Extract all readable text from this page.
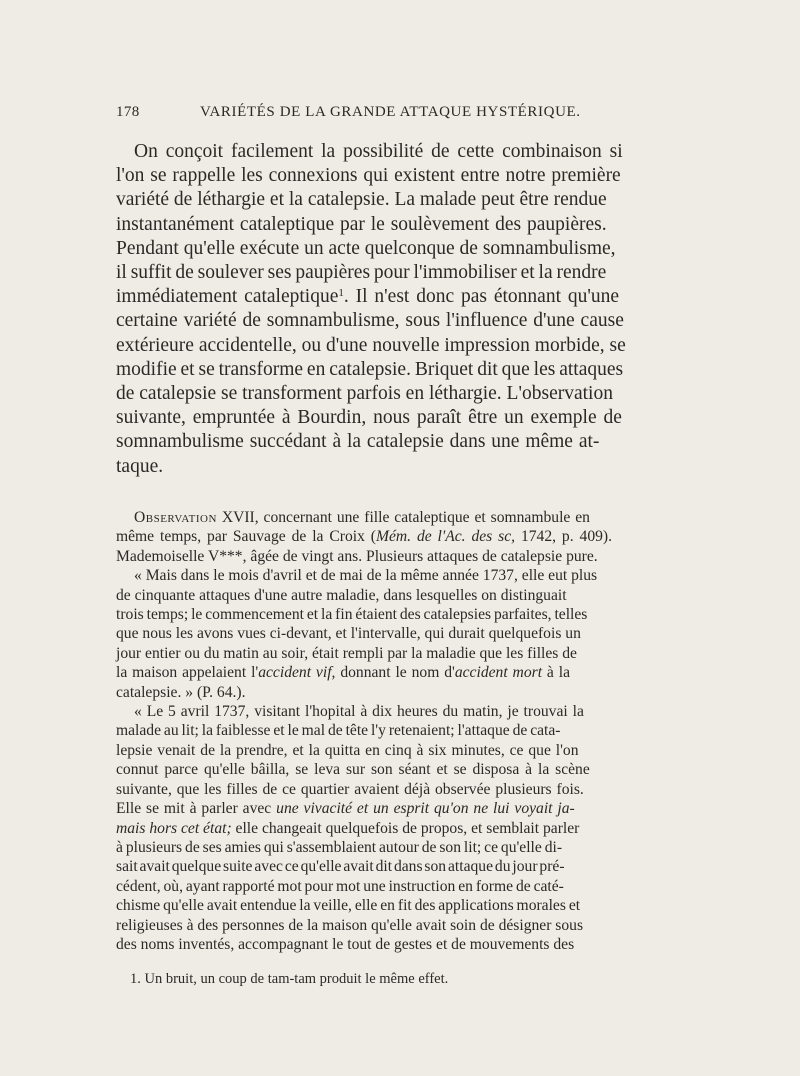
178	VARIÉTÉS DE LA GRANDE ATTAQUE HYSTÉRIQUE.
On conçoit facilement la possibilité de cette combinaison si
l'on se rappelle les connexions qui existent entre notre première
variété de léthargie et la catalepsie. La malade peut être rendue
instantanément cataleptique par le soulèvement des paupières.
Pendant qu'elle exécute un acte quelconque de somnambulisme,
il suffit de soulever ses paupières pour l'immobiliser et la rendre
immédiatement cataleptique$^1$. Il n'est donc pas étonnant qu'une
certaine variété de somnambulisme, sous l'influence d'une cause
extérieure accidentelle, ou d'une nouvelle impression morbide, se
modifie et se transforme en catalepsie. Briquet dit que les attaques
de catalepsie se transforment parfois en léthargie. L'observation
suivante, empruntée à Bourdin, nous paraît être un exemple de
somnambulisme succédant à la catalepsie dans une même at-
taque.
Observation XVII, concernant une fille cataleptique et somnambule en
même temps, par Sauvage de la Croix (Mém. de l'Ac. des sc, 1742, p. 409).
Mademoiselle V***, âgée de vingt ans. Plusieurs attaques de catalepsie pure.
« Mais dans le mois d'avril et de mai de la même année 1737, elle eut plus
de cinquante attaques d'une autre maladie, dans lesquelles on distinguait
trois temps; le commencement et la fin étaient des catalepsies parfaites, telles
que nous les avons vues ci-devant, et l'intervalle, qui durait quelquefois un
jour entier ou du matin au soir, était rempli par la maladie que les filles de
la maison appelaient l'accident vif, donnant le nom d'accident mort à la
catalepsie. » (P. 64.).
« Le 5 avril 1737, visitant l'hopital à dix heures du matin, je trouvai la
malade au lit; la faiblesse et le mal de tête l'y retenaient; l'attaque de cata-
lepsie venait de la prendre, et la quitta en cinq à six minutes, ce que l'on
connut parce qu'elle bâilla, se leva sur son séant et se disposa à la scène
suivante, que les filles de ce quartier avaient déjà observée plusieurs fois.
Elle se mit à parler avec une vivacité et un esprit qu'on ne lui voyait ja-
mais hors cet état; elle changeait quelquefois de propos, et semblait parler
à plusieurs de ses amies qui s'assemblaient autour de son lit; ce qu'elle di-
sait avait quelque suite avec ce qu'elle avait dit dans son attaque du jour pré-
cédent, où, ayant rapporté mot pour mot une instruction en forme de caté-
chisme qu'elle avait entendue la veille, elle en fit des applications morales et
religieuses à des personnes de la maison qu'elle avait soin de désigner sous
des noms inventés, accompagnant le tout de gestes et de mouvements des
1. Un bruit, un coup de tam-tam produit le même effet.
